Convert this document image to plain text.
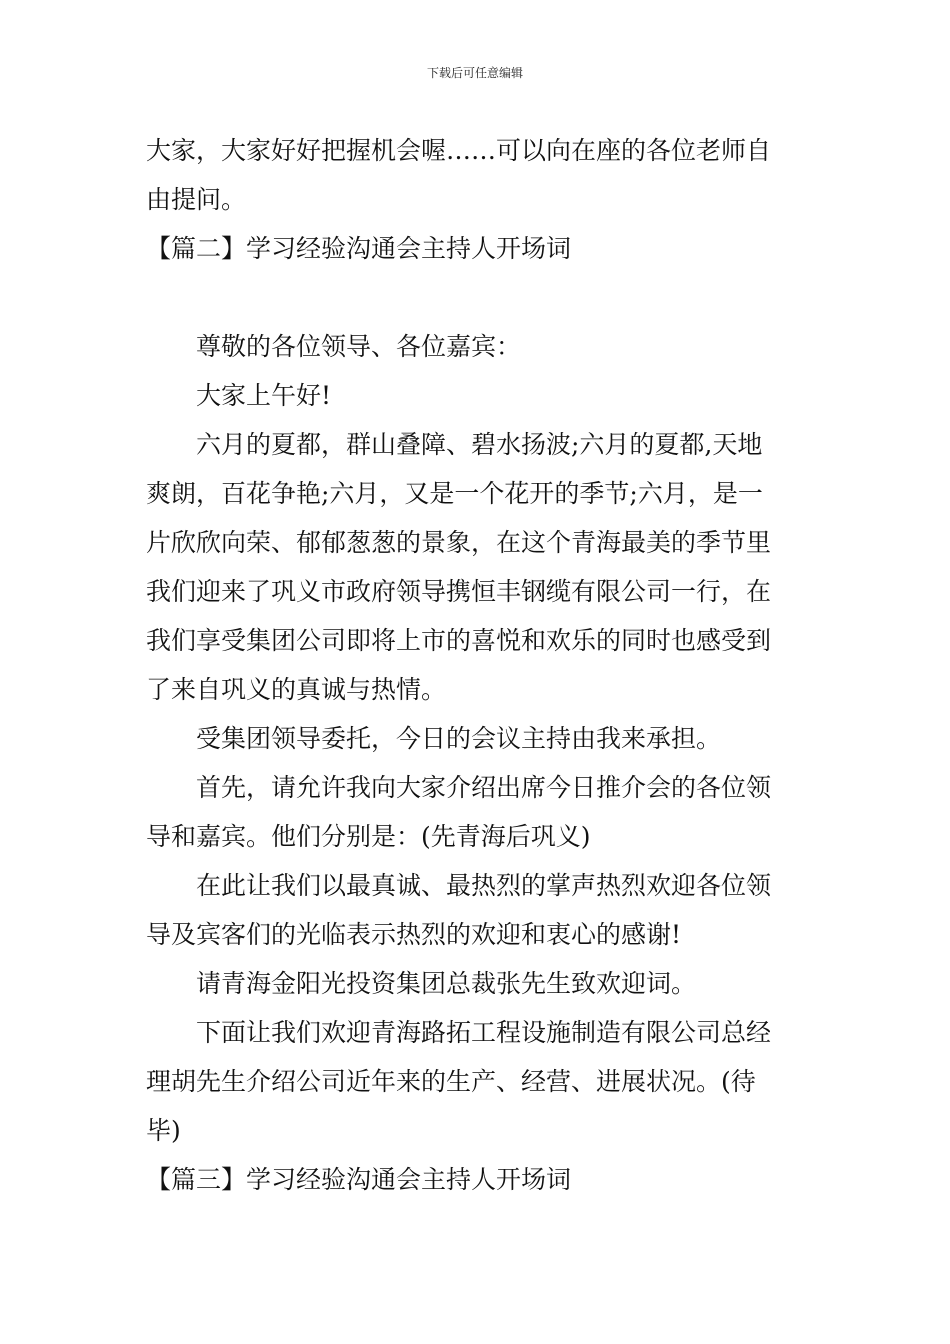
下载后可任意编辑
大家，大家好好把握机会喔……可以向在座的各位老师自
由提问。
【篇二】学习经验沟通会主持人开场词
尊敬的各位领导、各位嘉宾：
大家上午好!
六月的夏都，群山叠障、碧水扬波;六月的夏都,天地
爽朗，百花争艳;六月，又是一个花开的季节;六月，是一
片欣欣向荣、郁郁葱葱的景象，在这个青海最美的季节里
我们迎来了巩义市政府领导携恒丰钢缆有限公司一行，在
我们享受集团公司即将上市的喜悦和欢乐的同时也感受到
了来自巩义的真诚与热情。
受集团领导委托，今日的会议主持由我来承担。
首先，请允许我向大家介绍出席今日推介会的各位领
导和嘉宾。他们分别是：(先青海后巩义)
在此让我们以最真诚、最热烈的掌声热烈欢迎各位领
导及宾客们的光临表示热烈的欢迎和衷心的感谢!
请青海金阳光投资集团总裁张先生致欢迎词。
下面让我们欢迎青海路拓工程设施制造有限公司总经
理胡先生介绍公司近年来的生产、经营、进展状况。(待
毕)
【篇三】学习经验沟通会主持人开场词
